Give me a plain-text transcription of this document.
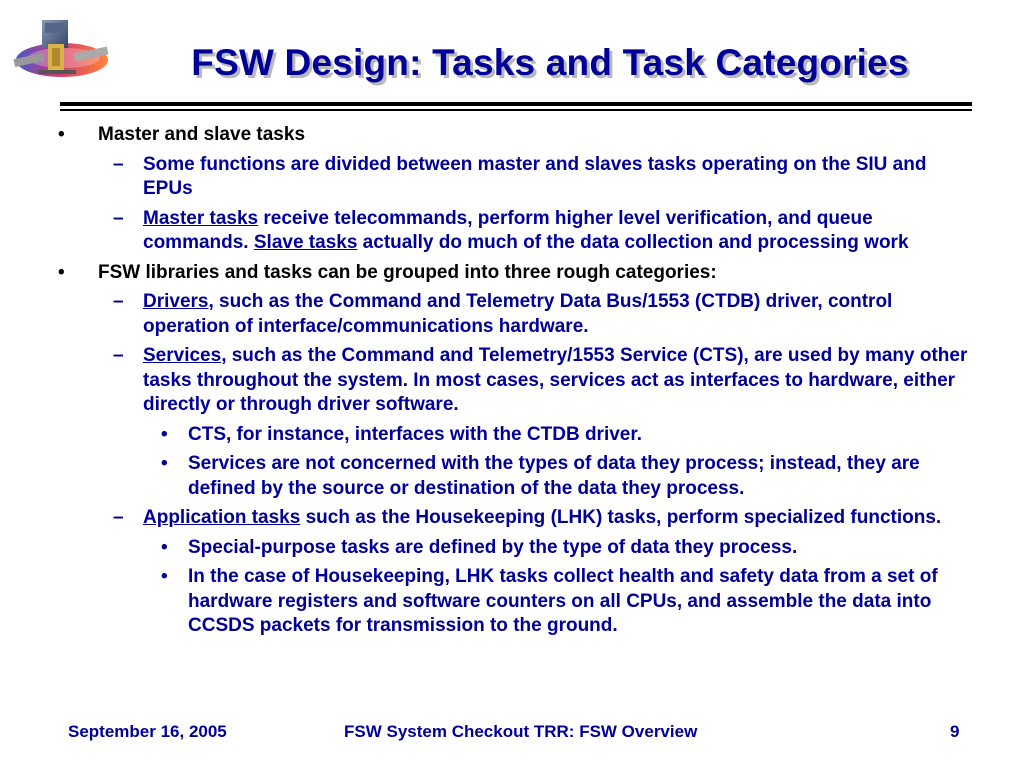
FSW Design: Tasks and Task Categories
• Master and slave tasks
– Some functions are divided between master and slaves tasks operating on the SIU and EPUs
– Master tasks receive telecommands, perform higher level verification, and queue commands. Slave tasks actually do much of the data collection and processing work
• FSW libraries and tasks can be grouped into three rough categories:
– Drivers, such as the Command and Telemetry Data Bus/1553 (CTDB) driver, control operation of interface/communications hardware.
– Services, such as the Command and Telemetry/1553 Service (CTS), are used by many other tasks throughout the system. In most cases, services act as interfaces to hardware, either directly or through driver software.
• CTS, for instance, interfaces with the CTDB driver.
• Services are not concerned with the types of data they process; instead, they are defined by the source or destination of the data they process.
– Application tasks such as the Housekeeping (LHK) tasks, perform specialized functions.
• Special-purpose tasks are defined by the type of data they process.
• In the case of Housekeeping, LHK tasks collect health and safety data from a set of hardware registers and software counters on all CPUs, and assemble the data into CCSDS packets for transmission to the ground.
September 16, 2005	FSW System Checkout TRR: FSW Overview	9
